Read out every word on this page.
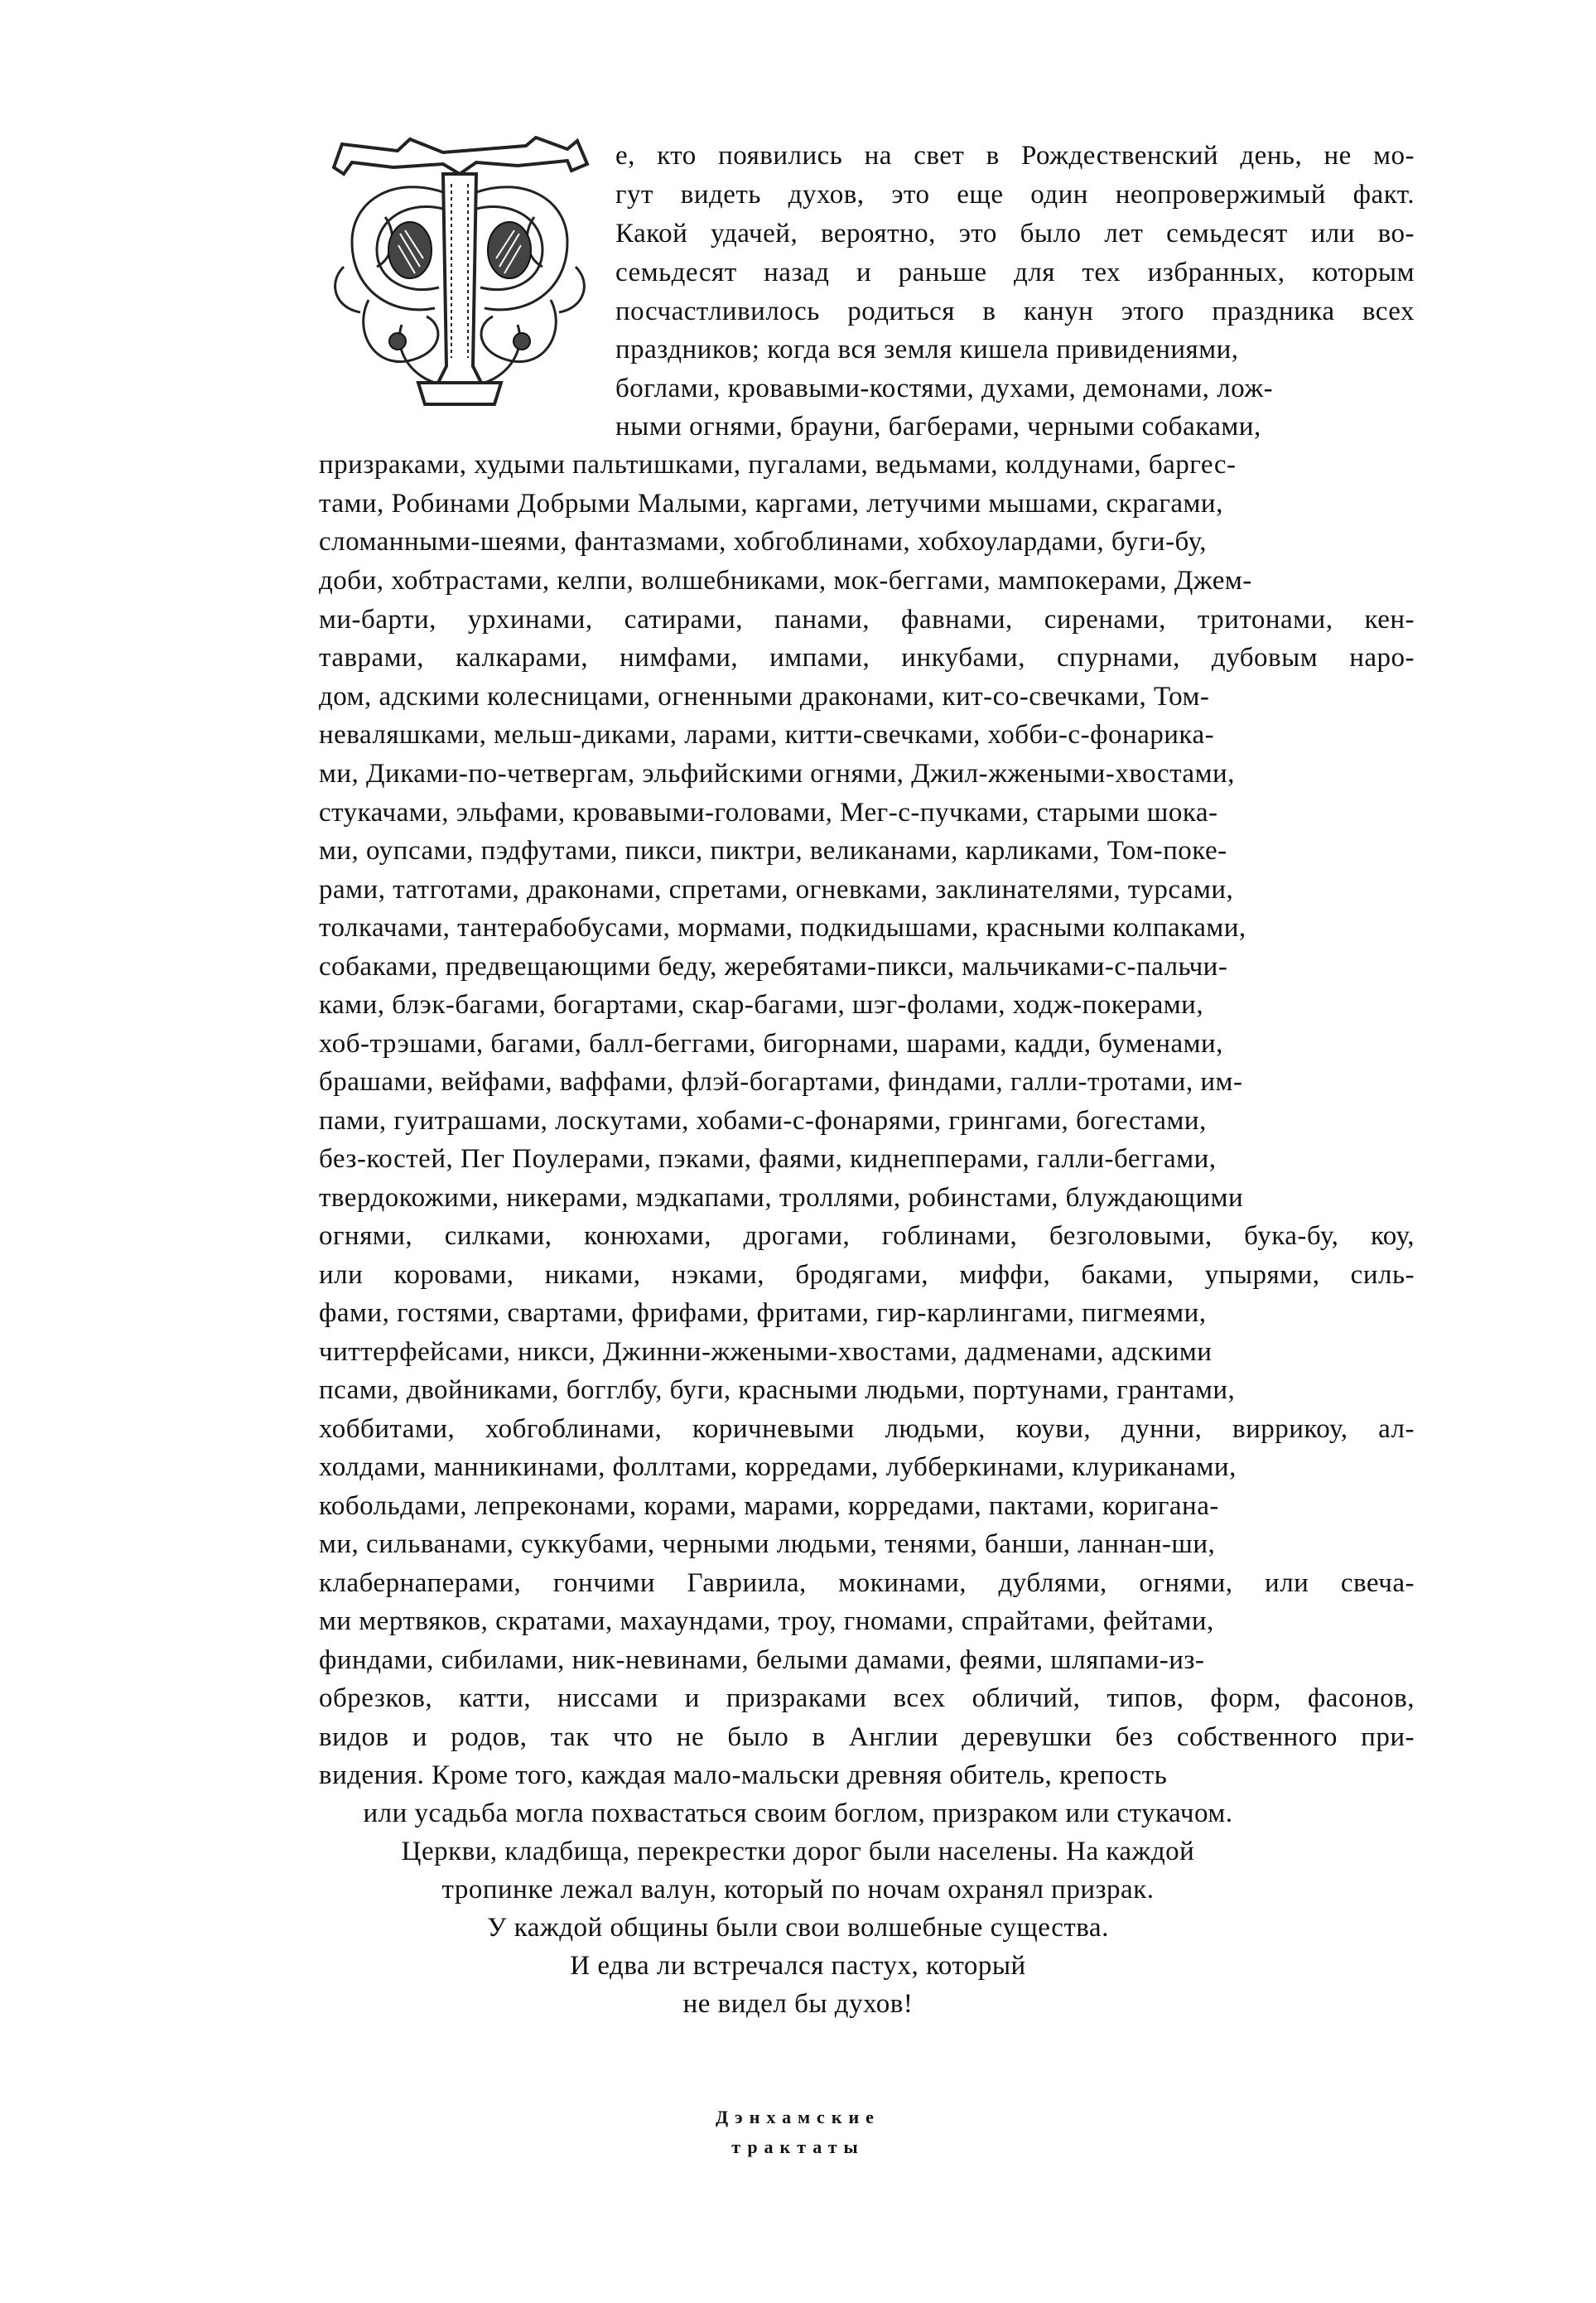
е, кто появились на свет в Рождественский день, не мо-
гут видеть духов, это еще один неопровержимый факт.
Какой удачей, вероятно, это было лет семьдесят или во-
семьдесят назад и раньше для тех избранных, которым
посчастливилось родиться в канун этого праздника всех
праздников; когда вся земля кишела привидениями,
боглами, кровавыми-костями, духами, демонами, лож-
ными огнями, брауни, багберами, черными собаками,
призраками, худыми пальтишками, пугалами, ведьмами, колдунами, баргес-
тами, Робинами Добрыми Малыми, каргами, летучими мышами, скрагами,
сломанными-шеями, фантазмами, хобгоблинами, хобхоулардами, буги-бу,
доби, хобтрастами, келпи, волшебниками, мок-беггами, мампокерами, Джем-
ми-барти, урхинами, сатирами, панами, фавнами, сиренами, тритонами, кен-
таврами, калкарами, нимфами, импами, инкубами, спурнами, дубовым наро-
дом, адскими колесницами, огненными драконами, кит-со-свечками, Том-
неваляшками, мельш-диками, ларами, китти-свечками, хобби-с-фонарика-
ми, Диками-по-четвергам, эльфийскими огнями, Джил-жжеными-хвостами,
стукачами, эльфами, кровавыми-головами, Мег-с-пучками, старыми шока-
ми, оупсами, пэдфутами, пикси, пиктри, великанами, карликами, Том-поке-
рами, татготами, драконами, спретами, огневками, заклинателями, турсами,
толкачами, тантерабобусами, мормами, подкидышами, красными колпаками,
собаками, предвещающими беду, жеребятами-пикси, мальчиками-с-пальчи-
ками, блэк-багами, богартами, скар-багами, шэг-фолами, ходж-покерами,
хоб-трэшами, багами, балл-беггами, бигорнами, шарами, кадди, буменами,
брашами, вейфами, ваффами, флэй-богартами, финдами, галли-тротами, им-
пами, гуитрашами, лоскутами, хобами-с-фонарями, грингами, богестами,
без-костей, Пег Поулерами, пэками, фаями, киднепперами, галли-беггами,
твердокожими, никерами, мэдкапами, троллями, робинстами, блуждающими
огнями, силками, конюхами, дрогами, гоблинами, безголовыми, бука-бу, коу,
или коровами, никами, нэками, бродягами, миффи, баками, упырями, силь-
фами, гостями, свартами, фрифами, фритами, гир-карлингами, пигмеями,
читтерфейсами, никси, Джинни-жжеными-хвостами, дадменами, адскими
псами, двойниками, богглбу, буги, красными людьми, портунами, грантами,
хоббитами, хобгоблинами, коричневыми людьми, коуви, дунни, виррикоу, ал-
холдами, манникинами, фоллтами, корредами, лубберкинами, клуриканами,
кобольдами, лепреконами, корами, марами, корредами, пактами, коригана-
ми, сильванами, суккубами, черными людьми, тенями, банши, ланнан-ши,
клабернаперами, гончими Гавриила, мокинами, дублями, огнями, или свеча-
ми мертвяков, скратами, махаундами, троу, гномами, спрайтами, фейтами,
финдами, сибилами, ник-невинами, белыми дамами, феями, шляпами-из-
обрезков, катти, ниссами и призраками всех обличий, типов, форм, фасонов,
видов и родов, так что не было в Англии деревушки без собственного при-
видения. Кроме того, каждая мало-мальски древняя обитель, крепость
или усадьба могла похвастаться своим боглом, призраком или стукачом.
Церкви, кладбища, перекрестки дорог были населены. На каждой
тропинке лежал валун, который по ночам охранял призрак.
У каждой общины были свои волшебные существа.
И едва ли встречался пастух, который
не видел бы духов!
Дэнхамские
трактаты
